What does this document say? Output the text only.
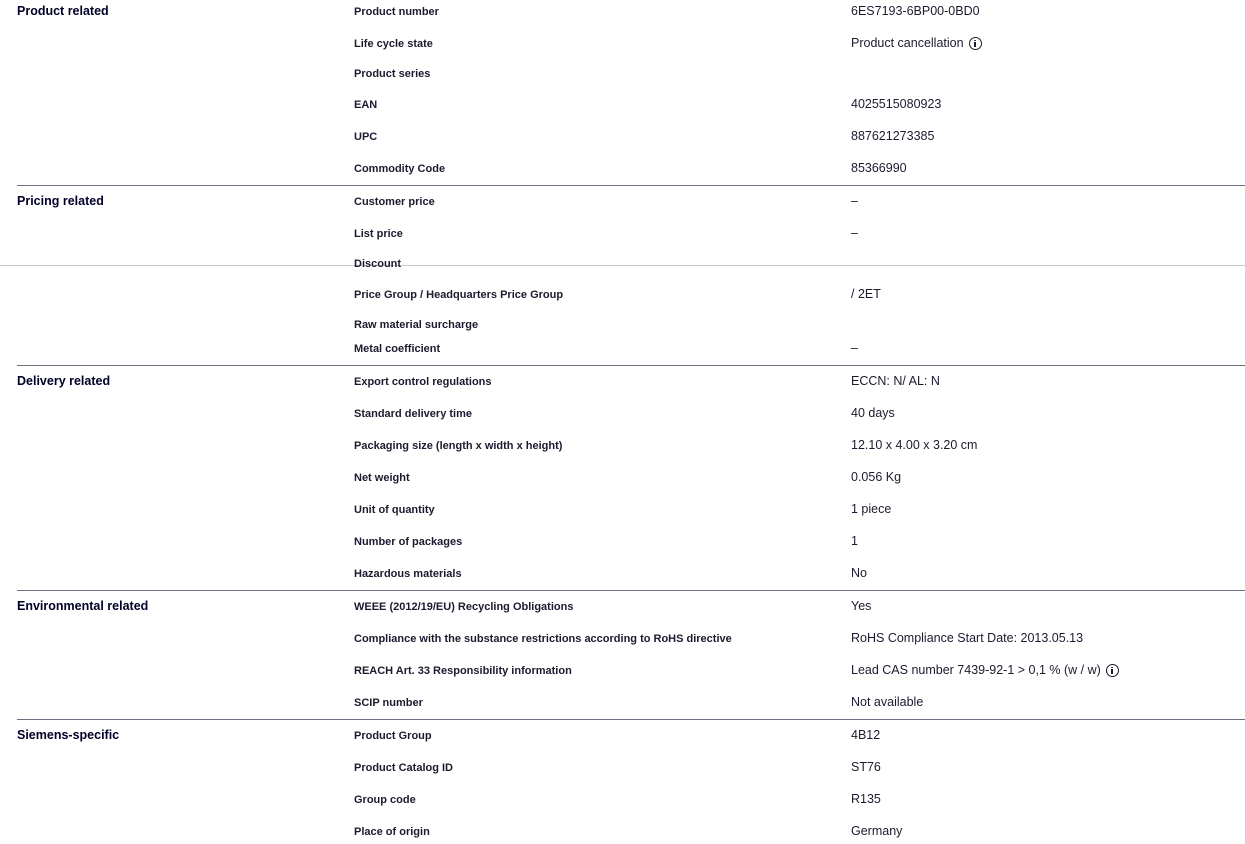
Product related	Product number	6ES7193-6BP00-0BD0
Life cycle state	Product cancellation
Product series
EAN	4025515080923
UPC	887621273385
Commodity Code	85366990
Pricing related	Customer price	–
List price	–
Discount
Price Group / Headquarters Price Group	/ 2ET
Raw material surcharge
Metal coefficient	–
Delivery related	Export control regulations	ECCN: N/ AL: N
Standard delivery time	40 days
Packaging size (length x width x height)	12.10 x 4.00 x 3.20 cm
Net weight	0.056 Kg
Unit of quantity	1 piece
Number of packages	1
Hazardous materials	No
Environmental related	WEEE (2012/19/EU) Recycling Obligations	Yes
Compliance with the substance restrictions according to RoHS directive	RoHS Compliance Start Date: 2013.05.13
REACH Art. 33 Responsibility information	Lead CAS number 7439-92-1 > 0,1 % (w / w)
SCIP number	Not available
Siemens-specific	Product Group	4B12
Product Catalog ID	ST76
Group code	R135
Place of origin	Germany
